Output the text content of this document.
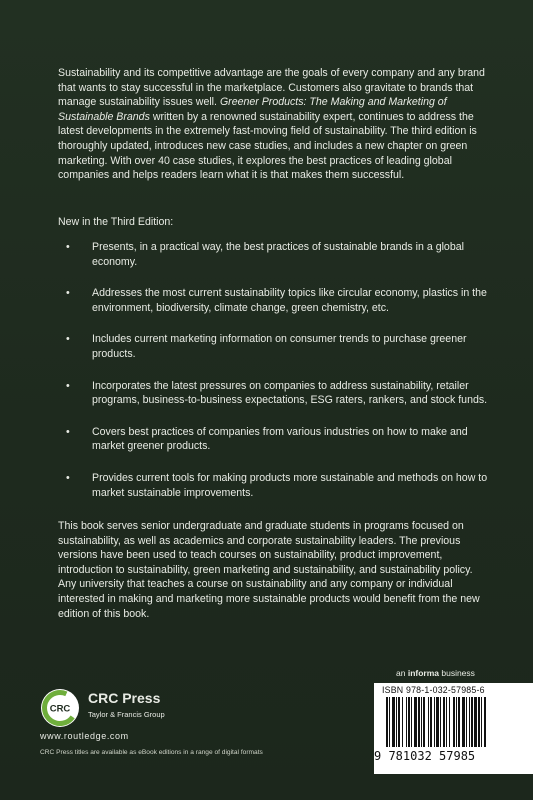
Sustainability and its competitive advantage are the goals of every company and any brand that wants to stay successful in the marketplace. Customers also gravitate to brands that manage sustainability issues well. Greener Products: The Making and Marketing of Sustainable Brands written by a renowned sustainability expert, continues to address the latest developments in the extremely fast-moving field of sustainability. The third edition is thoroughly updated, introduces new case studies, and includes a new chapter on green marketing. With over 40 case studies, it explores the best practices of leading global companies and helps readers learn what it is that makes them successful.

New in the Third Edition:

• Presents, in a practical way, the best practices of sustainable brands in a global economy.
• Addresses the most current sustainability topics like circular economy, plastics in the environment, biodiversity, climate change, green chemistry, etc.
• Includes current marketing information on consumer trends to purchase greener products.
• Incorporates the latest pressures on companies to address sustainability, retailer programs, business-to-business expectations, ESG raters, rankers, and stock funds.
• Covers best practices of companies from various industries on how to make and market greener products.
• Provides current tools for making products more sustainable and methods on how to market sustainable improvements.

This book serves senior undergraduate and graduate students in programs focused on sustainability, as well as academics and corporate sustainability leaders. The previous versions have been used to teach courses on sustainability, product improvement, introduction to sustainability, green marketing and sustainability, and sustainability policy. Any university that teaches a course on sustainability and any company or individual interested in making and marketing more sustainable products would benefit from the new edition of this book.

an informa business
CRC
CRC Press
Taylor & Francis Group
www.routledge.com
CRC Press titles are available as eBook editions in a range of digital formats
ISBN 978-1-032-57985-6
9 781032 57985
